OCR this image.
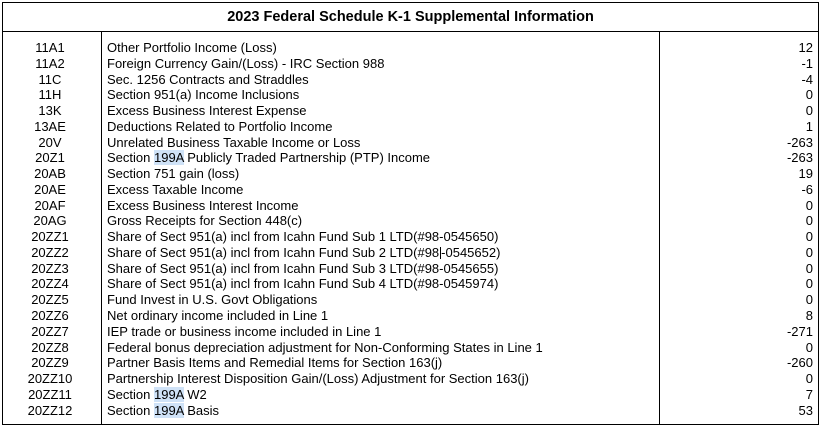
2023 Federal Schedule K-1 Supplemental Information
11A1	Other Portfolio Income (Loss)	12
11A2	Foreign Currency Gain/(Loss) - IRC Section 988	-1
11C	Sec. 1256 Contracts and Straddles	-4
11H	Section 951(a) Income Inclusions	0
13K	Excess Business Interest Expense	0
13AE	Deductions Related to Portfolio Income	1
20V	Unrelated Business Taxable Income or Loss	-263
20Z1	Section 199A Publicly Traded Partnership (PTP) Income	-263
20AB	Section 751 gain (loss)	19
20AE	Excess Taxable Income	-6
20AF	Excess Business Interest Income	0
20AG	Gross Receipts for Section 448(c)	0
20ZZ1	Share of Sect 951(a) incl from Icahn Fund Sub 1 LTD(#98-0545650)	0
20ZZ2	Share of Sect 951(a) incl from Icahn Fund Sub 2 LTD(#98 -0545652)	0
20ZZ3	Share of Sect 951(a) incl from Icahn Fund Sub 3 LTD(#98-0545655)	0
20ZZ4	Share of Sect 951(a) incl from Icahn Fund Sub 4 LTD(#98-0545974)	0
20ZZ5	Fund Invest in U.S. Govt Obligations	0
20ZZ6	Net ordinary income included in Line 1	8
20ZZ7	IEP trade or business income included in Line 1	-271
20ZZ8	Federal bonus depreciation adjustment for Non-Conforming States in Line 1	0
20ZZ9	Partner Basis Items and Remedial Items for Section 163(j)	-260
20ZZ10	Partnership Interest Disposition Gain/(Loss) Adjustment for Section 163(j)	0
20ZZ11	Section 199A W2	7
20ZZ12	Section 199A Basis	53
